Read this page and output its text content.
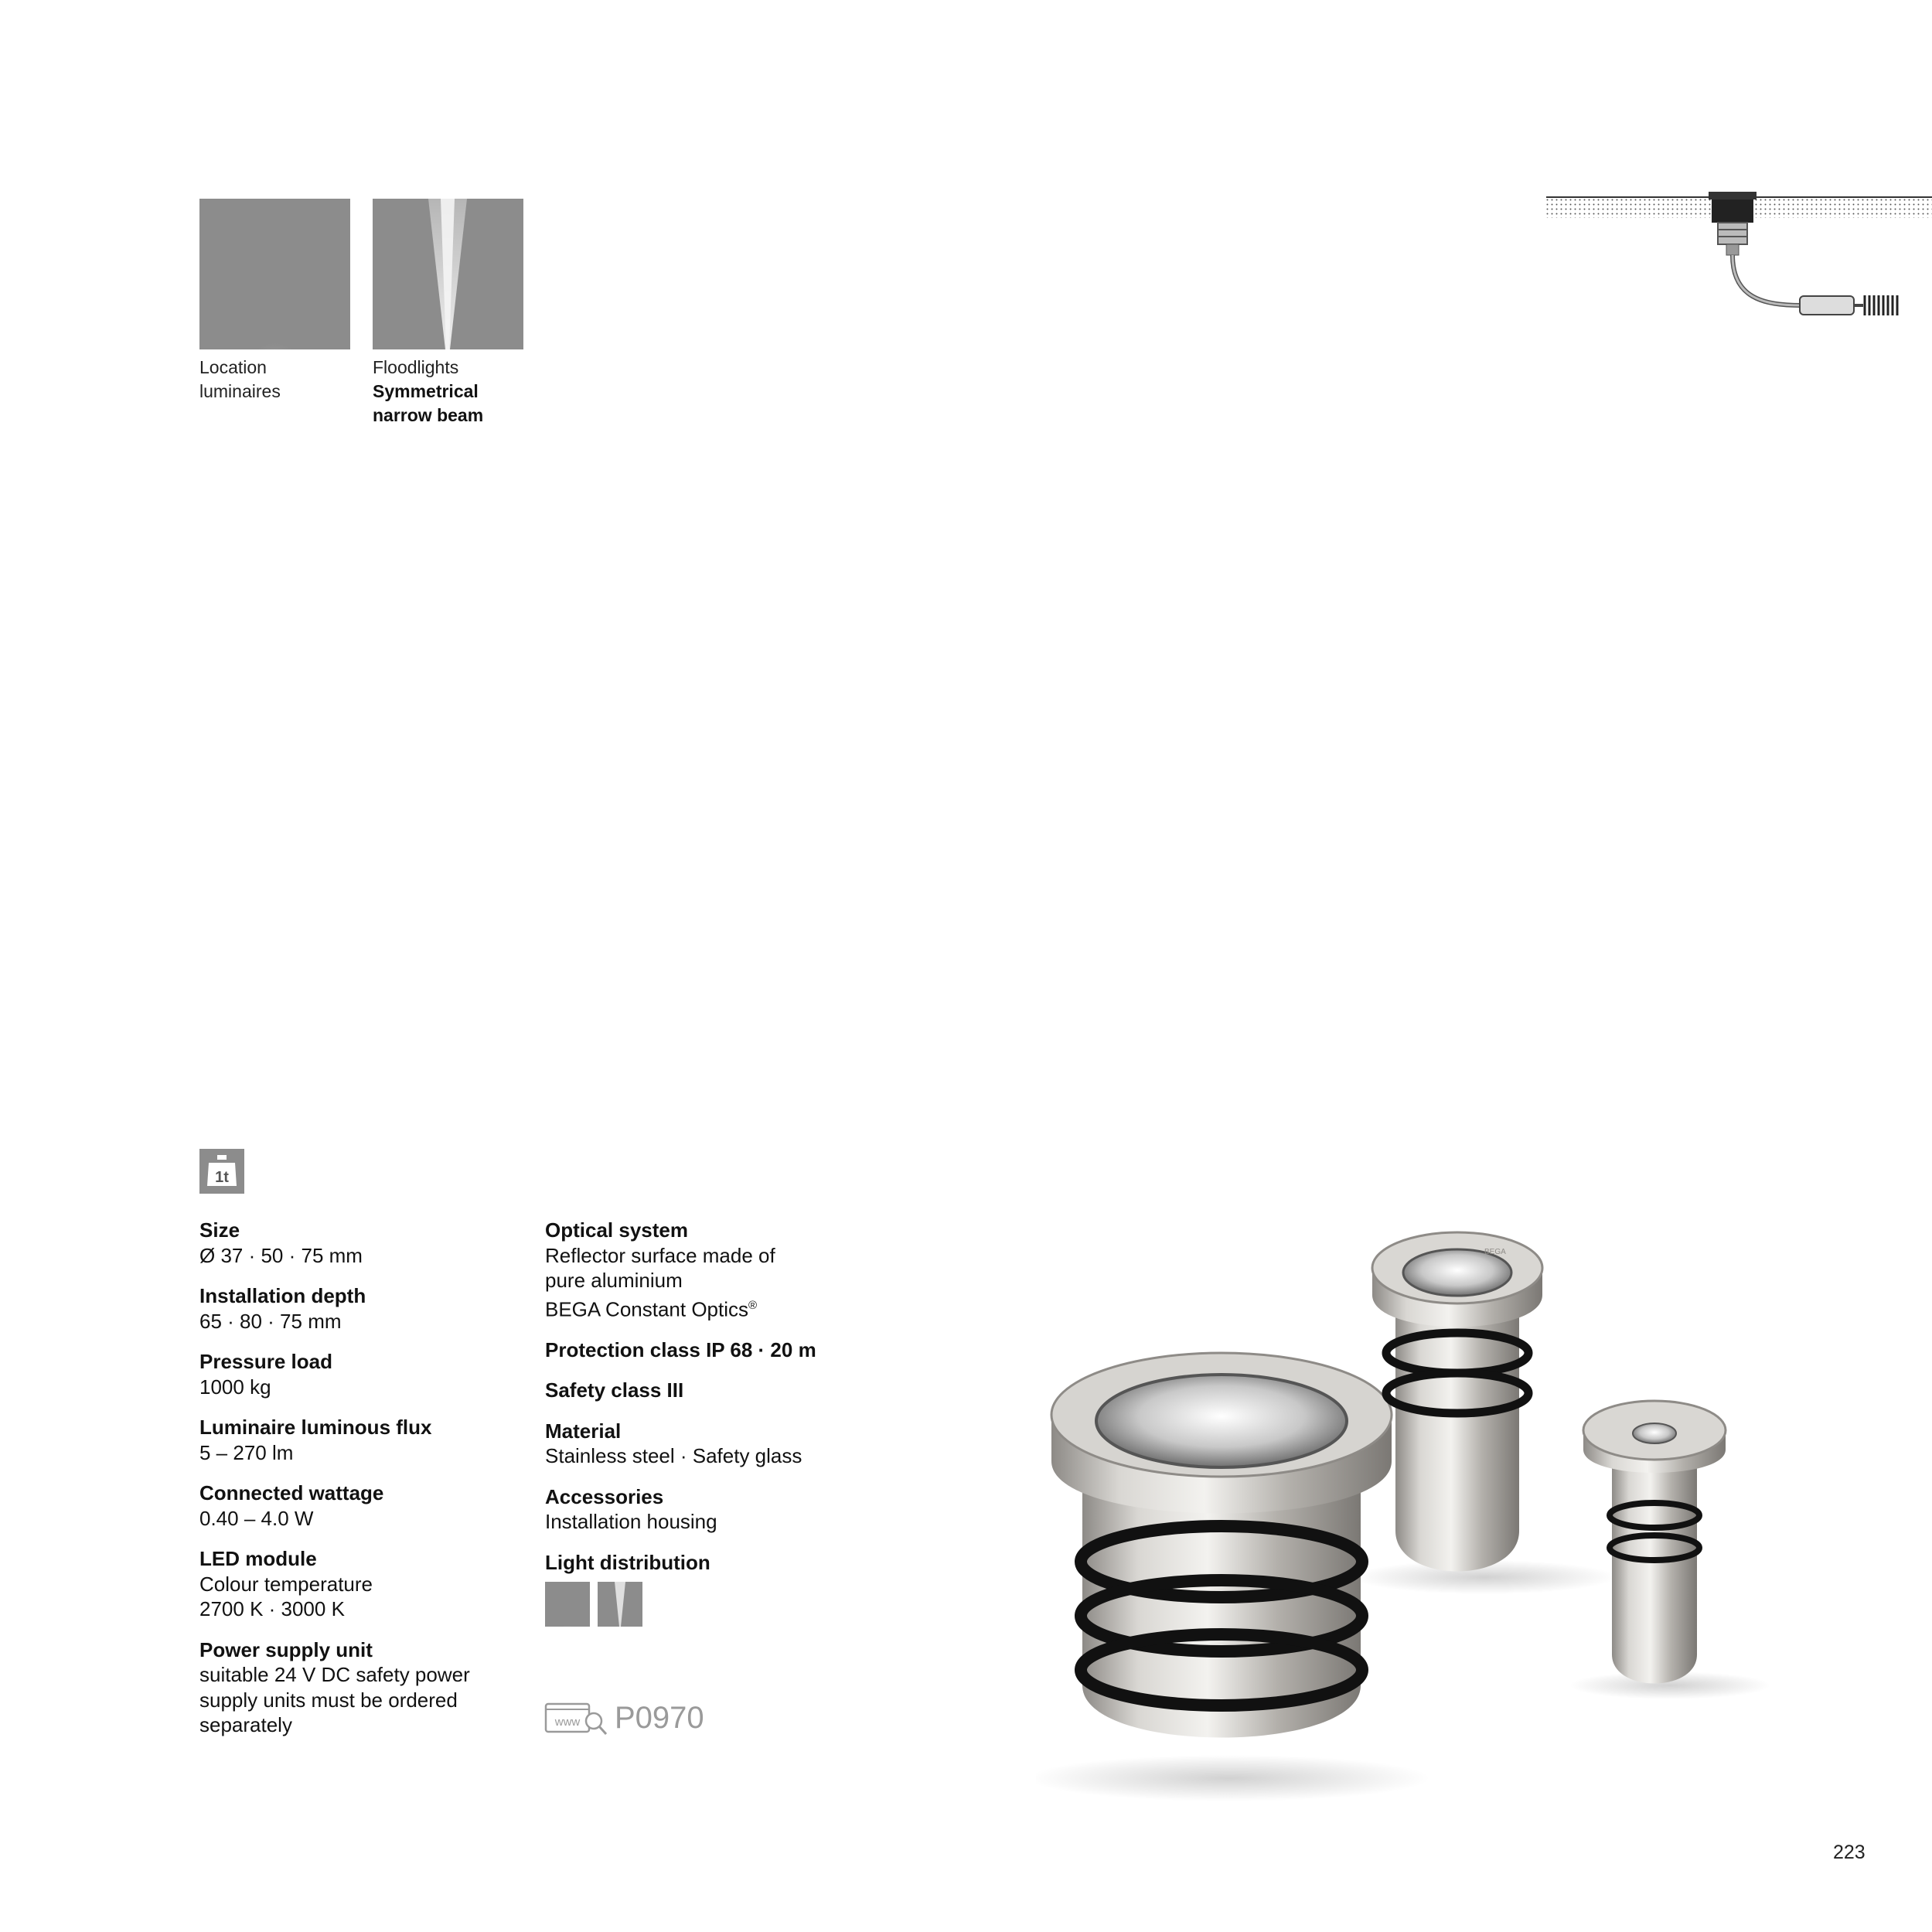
Location
luminaires
Floodlights
Symmetrical
narrow beam
1t
Size
Ø 37 · 50 · 75 mm
Installation depth
65 · 80 · 75 mm
Pressure load
1000 kg
Luminaire luminous flux
5 – 270 lm
Connected wattage
0.40 – 4.0 W
LED module
Colour temperature
2700 K · 3000 K
Power supply unit
suitable 24 V DC safety power
supply units must be ordered
separately
Optical system
Reflector surface made of
pure aluminium
BEGA Constant Optics®
Protection class IP 68 · 20 m
Safety class III
Material
Stainless steel · Safety glass
Accessories
Installation housing
Light distribution
www P0970
BEGA
223
